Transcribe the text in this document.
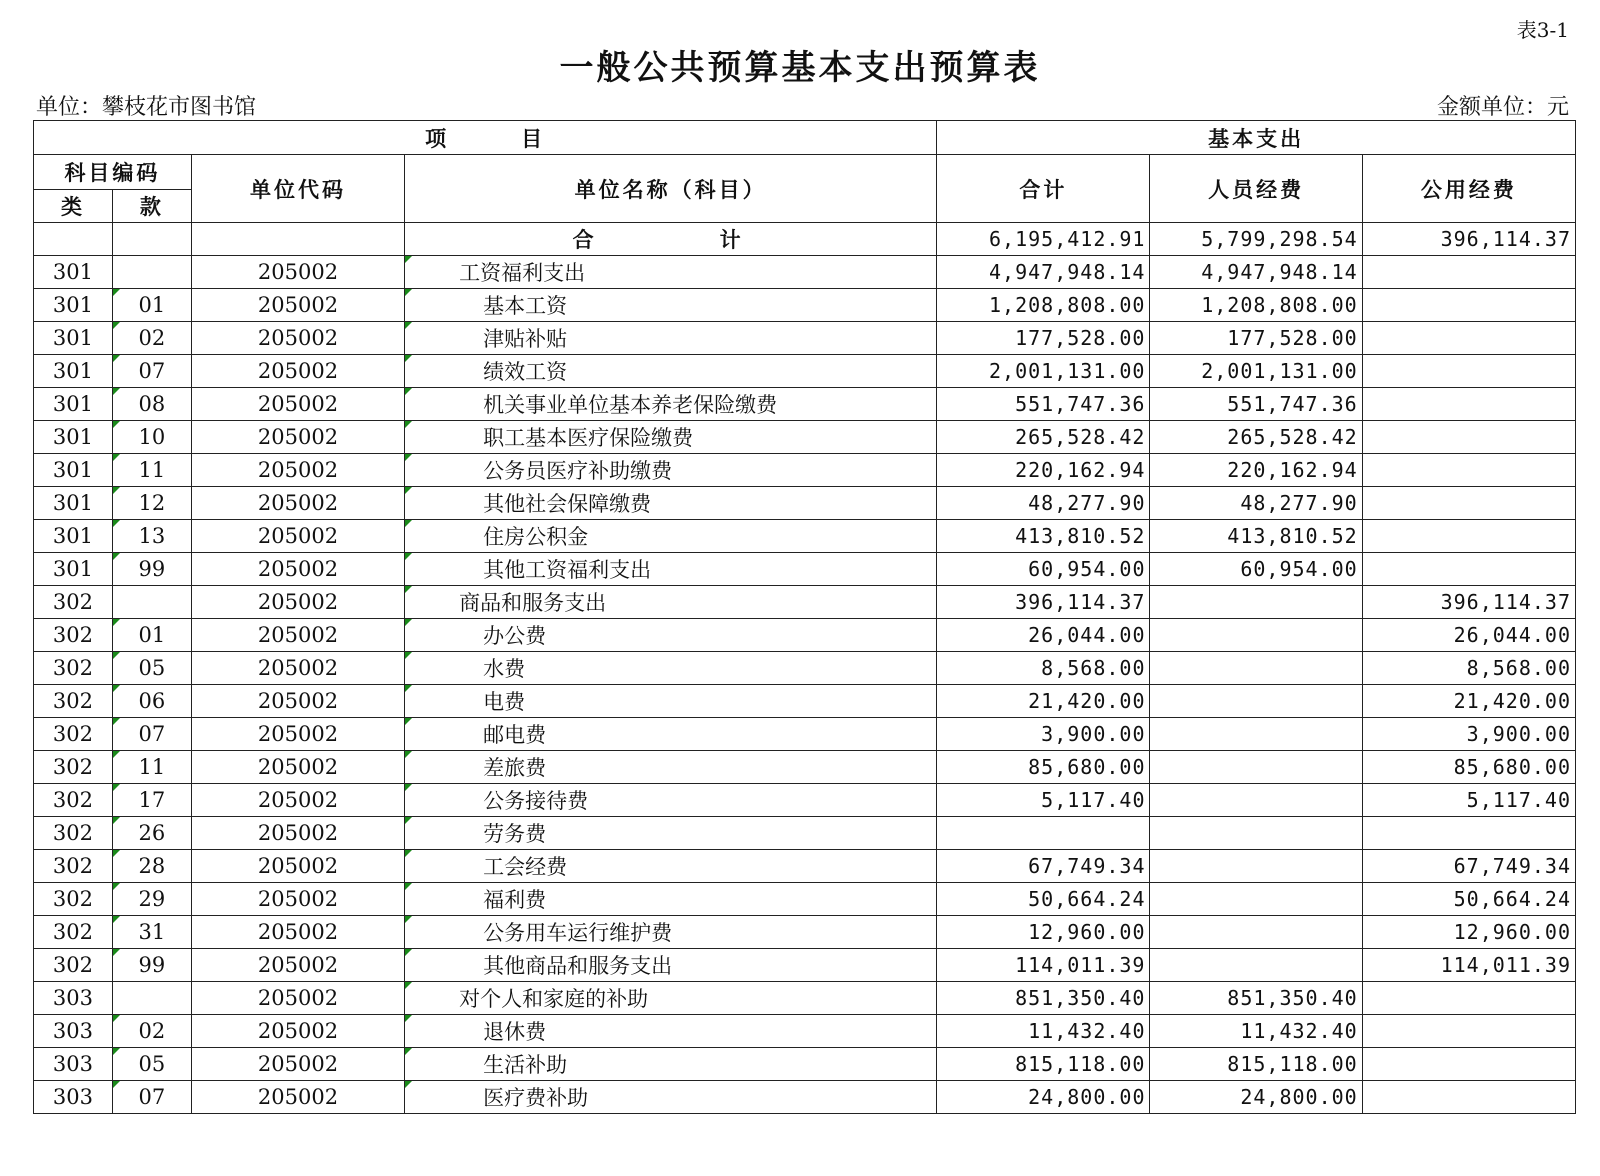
表3-1
一般公共预算基本支出预算表
单位：攀枝花市图书馆	金额单位：元
项　　　目				基本支出		
科目编码		单位代码	单位名称（科目）	合计	人员经费	公用经费
类	款					
			合　　计	6,195,412.91	5,799,298.54	396,114.37
301		205002	工资福利支出	4,947,948.14	4,947,948.14	
301	01	205002	基本工资	1,208,808.00	1,208,808.00	
301	02	205002	津贴补贴	177,528.00	177,528.00	
301	07	205002	绩效工资	2,001,131.00	2,001,131.00	
301	08	205002	机关事业单位基本养老保险缴费	551,747.36	551,747.36	
301	10	205002	职工基本医疗保险缴费	265,528.42	265,528.42	
301	11	205002	公务员医疗补助缴费	220,162.94	220,162.94	
301	12	205002	其他社会保障缴费	48,277.90	48,277.90	
301	13	205002	住房公积金	413,810.52	413,810.52	
301	99	205002	其他工资福利支出	60,954.00	60,954.00	
302		205002	商品和服务支出	396,114.37		396,114.37
302	01	205002	办公费	26,044.00		26,044.00
302	05	205002	水费	8,568.00		8,568.00
302	06	205002	电费	21,420.00		21,420.00
302	07	205002	邮电费	3,900.00		3,900.00
302	11	205002	差旅费	85,680.00		85,680.00
302	17	205002	公务接待费	5,117.40		5,117.40
302	26	205002	劳务费			
302	28	205002	工会经费	67,749.34		67,749.34
302	29	205002	福利费	50,664.24		50,664.24
302	31	205002	公务用车运行维护费	12,960.00		12,960.00
302	99	205002	其他商品和服务支出	114,011.39		114,011.39
303		205002	对个人和家庭的补助	851,350.40	851,350.40	
303	02	205002	退休费	11,432.40	11,432.40	
303	05	205002	生活补助	815,118.00	815,118.00	
303	07	205002	医疗费补助	24,800.00	24,800.00	
